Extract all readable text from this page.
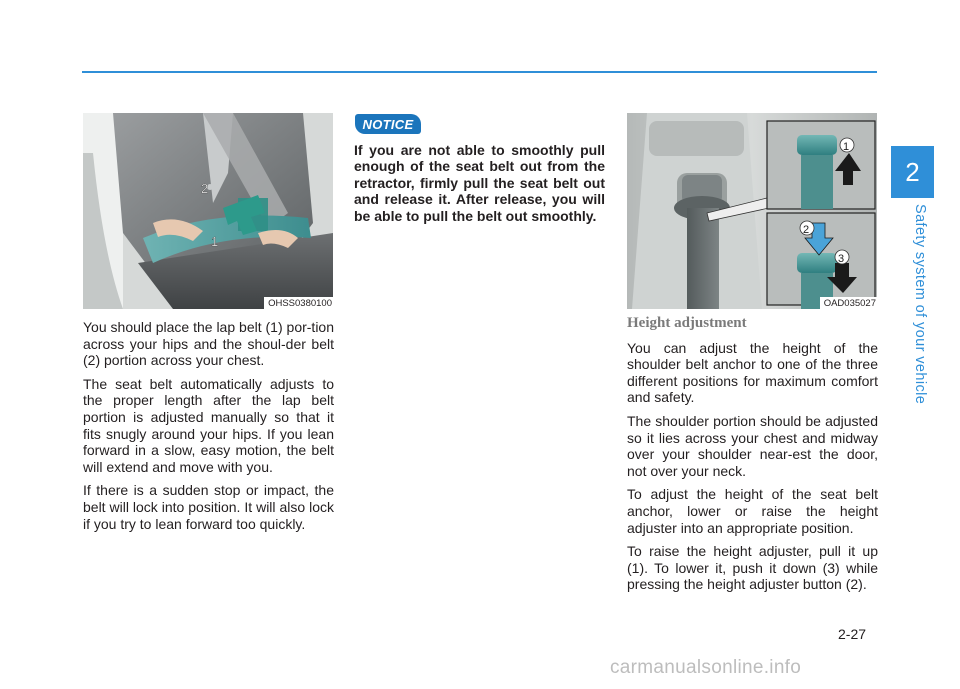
2
Safety system of your vehicle
2
1
OHSS0380100
NOTICE
1
2
3
OAD035027

You should place the lap belt (1) por-tion across your hips and the shoul-der belt (2) portion across your chest.

The seat belt automatically adjusts to the proper length after the lap belt portion is adjusted manually so that it fits snugly around your hips. If you lean forward in a slow, easy motion, the belt will extend and move with you.

If there is a sudden stop or impact, the belt will lock into position. It will also lock if you try to lean forward too quickly.

If you are not able to smoothly pull enough of the seat belt out from the retractor, firmly pull the seat belt out and release it. After release, you will be able to pull the belt out smoothly.

Height adjustment

You can adjust the height of the shoulder belt anchor to one of the three different positions for maximum comfort and safety.

The shoulder portion should be adjusted so it lies across your chest and midway over your shoulder near-est the door, not over your neck.

To adjust the height of the seat belt anchor, lower or raise the height adjuster into an appropriate position.

To raise the height adjuster, pull it up (1). To lower it, push it down (3) while pressing the height adjuster button (2).

2-27
carmanualsonline.info
